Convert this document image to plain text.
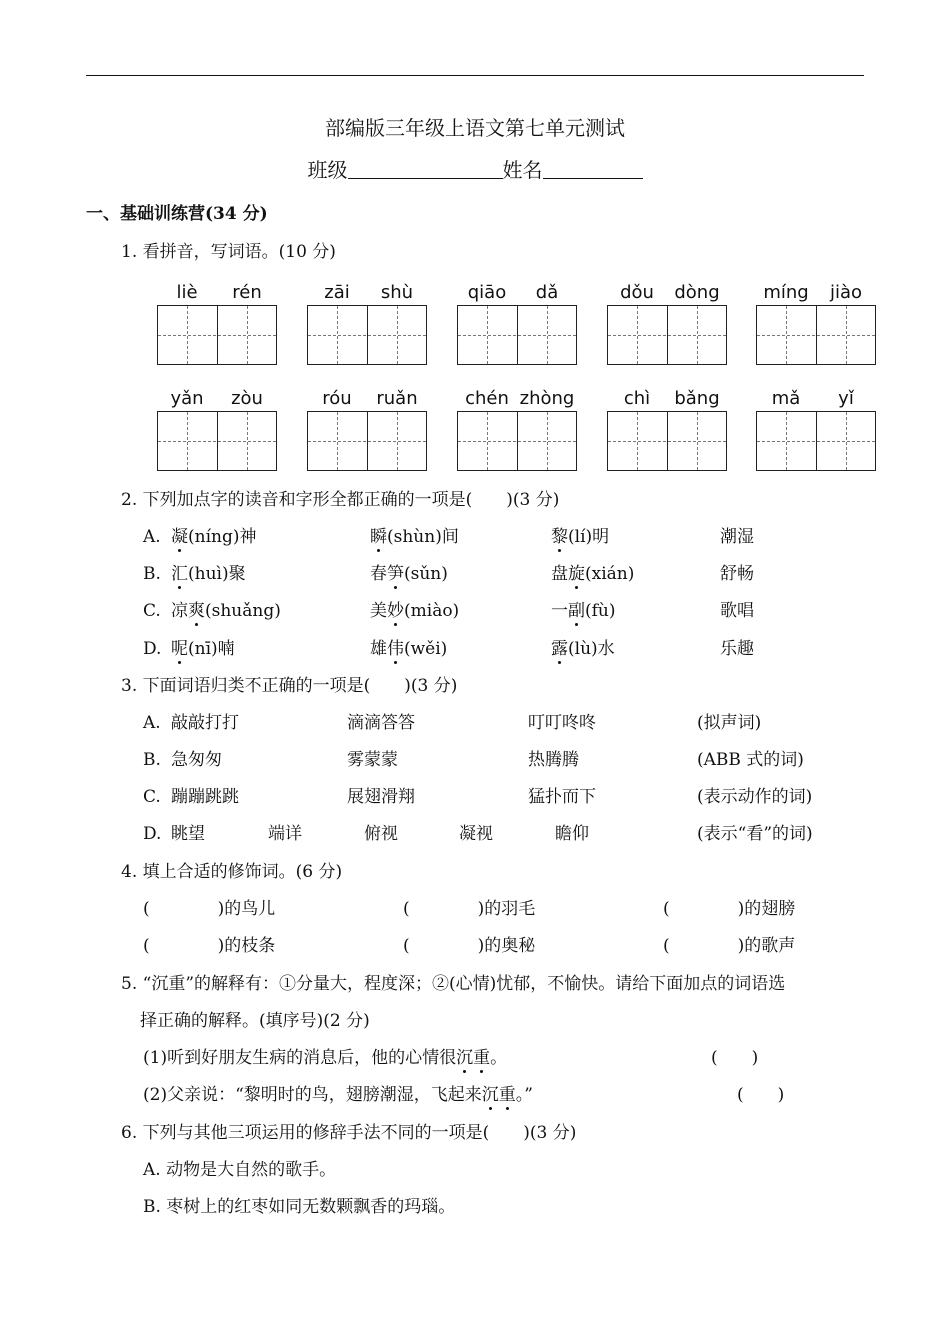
部编版三年级上语文第七单元测试
班级	姓名
一、基础训练营(34 分)
1. 看拼音，写词语。(10 分)
liè	rén	zāi	shù	qiāo	dǎ	dǒu	dòng	míng	jiào
yǎn	zòu	róu	ruǎn	chén zhòng	chì	bǎng	mǎ	yǐ
2. 下列加点字的读音和字形全都正确的一项是(　　)(3 分)
A. 凝(níng)神	瞬(shùn)间	黎(lí)明	潮湿
B. 汇(huì)聚	春笋(sǔn)	盘旋(xián)	舒畅
C. 凉爽(shuǎng)	美妙(miào)	一副(fù)	歌唱
D. 呢(nī)喃	雄伟(wěi)	露(lù)水	乐趣
3. 下面词语归类不正确的一项是(　　)(3 分)
A. 敲敲打打	滴滴答答	叮叮咚咚	(拟声词)
B. 急匆匆	雾蒙蒙	热腾腾	(ABB 式的词)
C. 蹦蹦跳跳	展翅滑翔	猛扑而下	(表示动作的词)
D. 眺望	端详	俯视	凝视	瞻仰	(表示“看”的词)
4. 填上合适的修饰词。(6 分)
(　　　　)的鸟儿	(　　　　)的羽毛	(　　　　)的翅膀
(　　　　)的枝条	(　　　　)的奥秘	(　　　　)的歌声
5. “沉重”的解释有：①分量大，程度深；②(心情)忧郁，不愉快。请给下面加点的词语选
择正确的解释。(填序号)(2 分)
(1)听到好朋友生病的消息后，他的心情很沉重。	(　　)
(2)父亲说：“黎明时的鸟，翅膀潮湿，飞起来沉重。”	(　　)
6. 下列与其他三项运用的修辞手法不同的一项是(　　)(3 分)
A. 动物是大自然的歌手。
B. 枣树上的红枣如同无数颗飘香的玛瑙。
